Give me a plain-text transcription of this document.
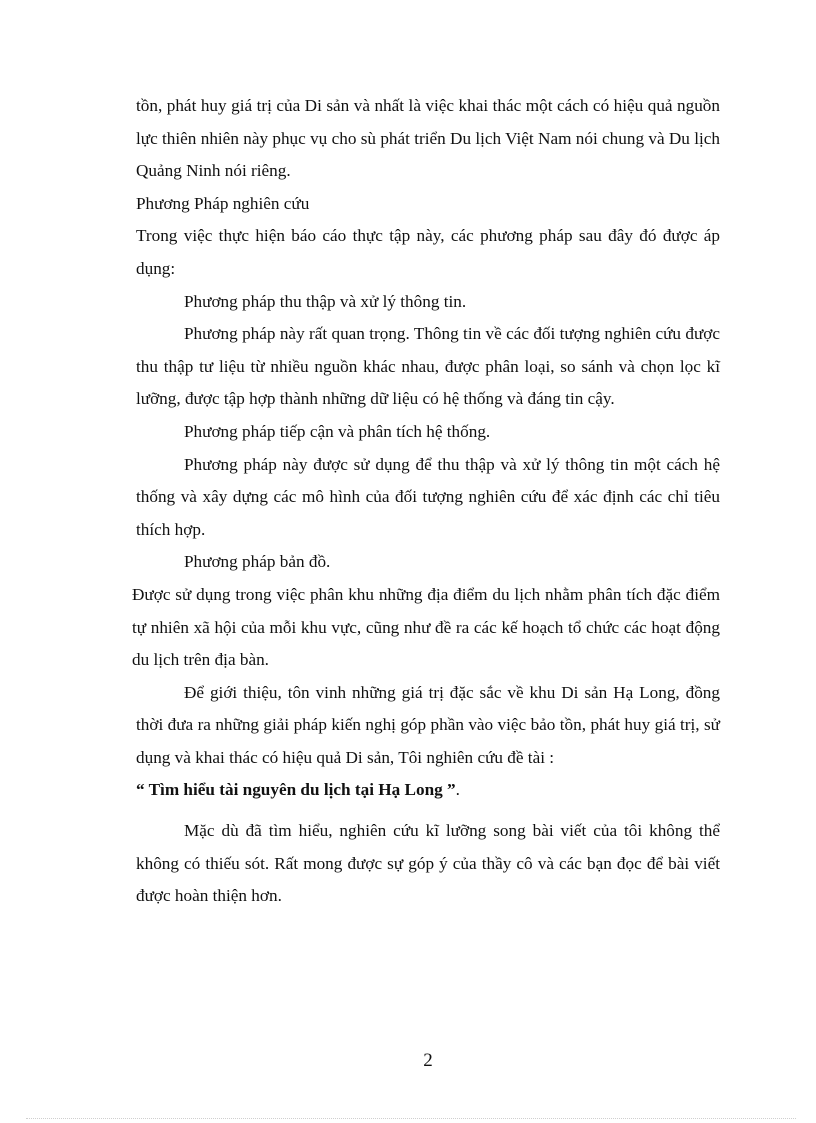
tồn, phát huy giá trị của Di sản và nhất là việc khai thác một cách có hiệu quả nguồn lực thiên nhiên này phục vụ cho sù phát triển Du lịch Việt Nam nói chung và Du lịch Quảng Ninh nói riêng.

Phương Pháp nghiên cứu

Trong việc thực hiện báo cáo thực tập này, các phương pháp sau đây đó được áp dụng:

Phương pháp thu thập và xử lý thông tin.

Phương pháp này rất quan trọng. Thông tin về các đối tượng nghiên cứu được thu thập tư liệu từ nhiều nguồn khác nhau, được phân loại, so sánh và chọn lọc kĩ lưỡng, được tập hợp thành những dữ liệu có hệ thống và đáng tin cậy.

Phương pháp tiếp cận và phân tích hệ thống.

Phương pháp này được sử dụng để thu thập và xử lý thông tin một cách hệ thống và xây dựng các mô hình của đối tượng nghiên cứu để xác định các chỉ tiêu thích hợp.

Phương pháp bản đồ.

Được sử dụng trong việc phân khu những địa điểm du lịch nhằm phân tích đặc điểm tự nhiên xã hội của mỗi khu vực, cũng như đề ra các kế hoạch tổ chức các hoạt động du lịch trên địa bàn.

Để giới thiệu, tôn vinh những giá trị đặc sắc về khu Di sản Hạ Long, đồng thời đưa ra những giải pháp kiến nghị góp phần vào việc bảo tồn, phát huy giá trị, sử dụng và khai thác có hiệu quả Di sản, Tôi nghiên cứu đề tài :

“ Tìm hiểu tài nguyên du lịch tại Hạ Long ”.

Mặc dù đã tìm hiểu, nghiên cứu kĩ lưỡng song bài viết của tôi không thể không có thiếu sót. Rất mong được sự góp ý của thầy cô và các bạn đọc để bài viết được hoàn thiện hơn.

2
